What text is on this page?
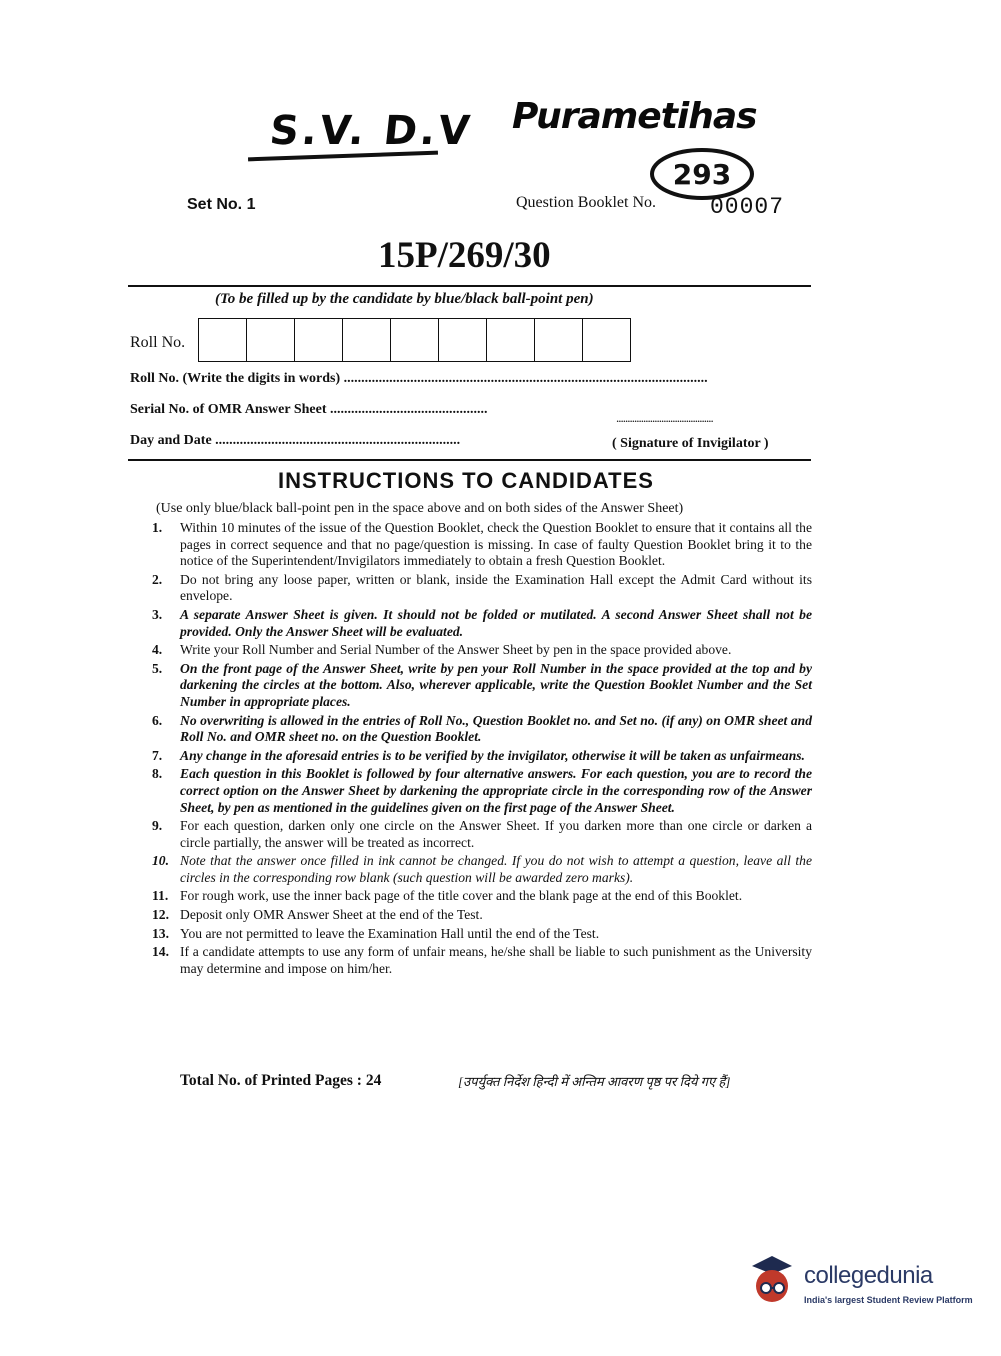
S.V. D.V Purametihas
293
Set No. 1	Question Booklet No. 00007
15P/269/30
(To be filled up by the candidate by blue/black ball-point pen)
Roll No.
Roll No. (Write the digits in words) ........................................................................................................
Serial No. of OMR Answer Sheet .............................................
Day and Date ......................................................................
...........................................
( Signature of Invigilator )
INSTRUCTIONS TO CANDIDATES
(Use only blue/black ball-point pen in the space above and on both sides of the Answer Sheet)
1. Within 10 minutes of the issue of the Question Booklet, check the Question Booklet to ensure that it contains all the pages in correct sequence and that no page/question is missing. In case of faulty Question Booklet bring it to the notice of the Superintendent/Invigilators immediately to obtain a fresh Question Booklet.
2. Do not bring any loose paper, written or blank, inside the Examination Hall except the Admit Card without its envelope.
3. A separate Answer Sheet is given. It should not be folded or mutilated. A second Answer Sheet shall not be provided. Only the Answer Sheet will be evaluated.
4. Write your Roll Number and Serial Number of the Answer Sheet by pen in the space provided above.
5. On the front page of the Answer Sheet, write by pen your Roll Number in the space provided at the top and by darkening the circles at the bottom. Also, wherever applicable, write the Question Booklet Number and the Set Number in appropriate places.
6. No overwriting is allowed in the entries of Roll No., Question Booklet no. and Set no. (if any) on OMR sheet and Roll No. and OMR sheet no. on the Question Booklet.
7. Any change in the aforesaid entries is to be verified by the invigilator, otherwise it will be taken as unfairmeans.
8. Each question in this Booklet is followed by four alternative answers. For each question, you are to record the correct option on the Answer Sheet by darkening the appropriate circle in the corresponding row of the Answer Sheet, by pen as mentioned in the guidelines given on the first page of the Answer Sheet.
9. For each question, darken only one circle on the Answer Sheet. If you darken more than one circle or darken a circle partially, the answer will be treated as incorrect.
10. Note that the answer once filled in ink cannot be changed. If you do not wish to attempt a question, leave all the circles in the corresponding row blank (such question will be awarded zero marks).
11. For rough work, use the inner back page of the title cover and the blank page at the end of this Booklet.
12. Deposit only OMR Answer Sheet at the end of the Test.
13. You are not permitted to leave the Examination Hall until the end of the Test.
14. If a candidate attempts to use any form of unfair means, he/she shall be liable to such punishment as the University may determine and impose on him/her.
Total No. of Printed Pages : 24	[उपर्युक्त निर्देश हिन्दी में अन्तिम आवरण पृष्ठ पर दिये गए हैं]
collegedunia
India's largest Student Review Platform
